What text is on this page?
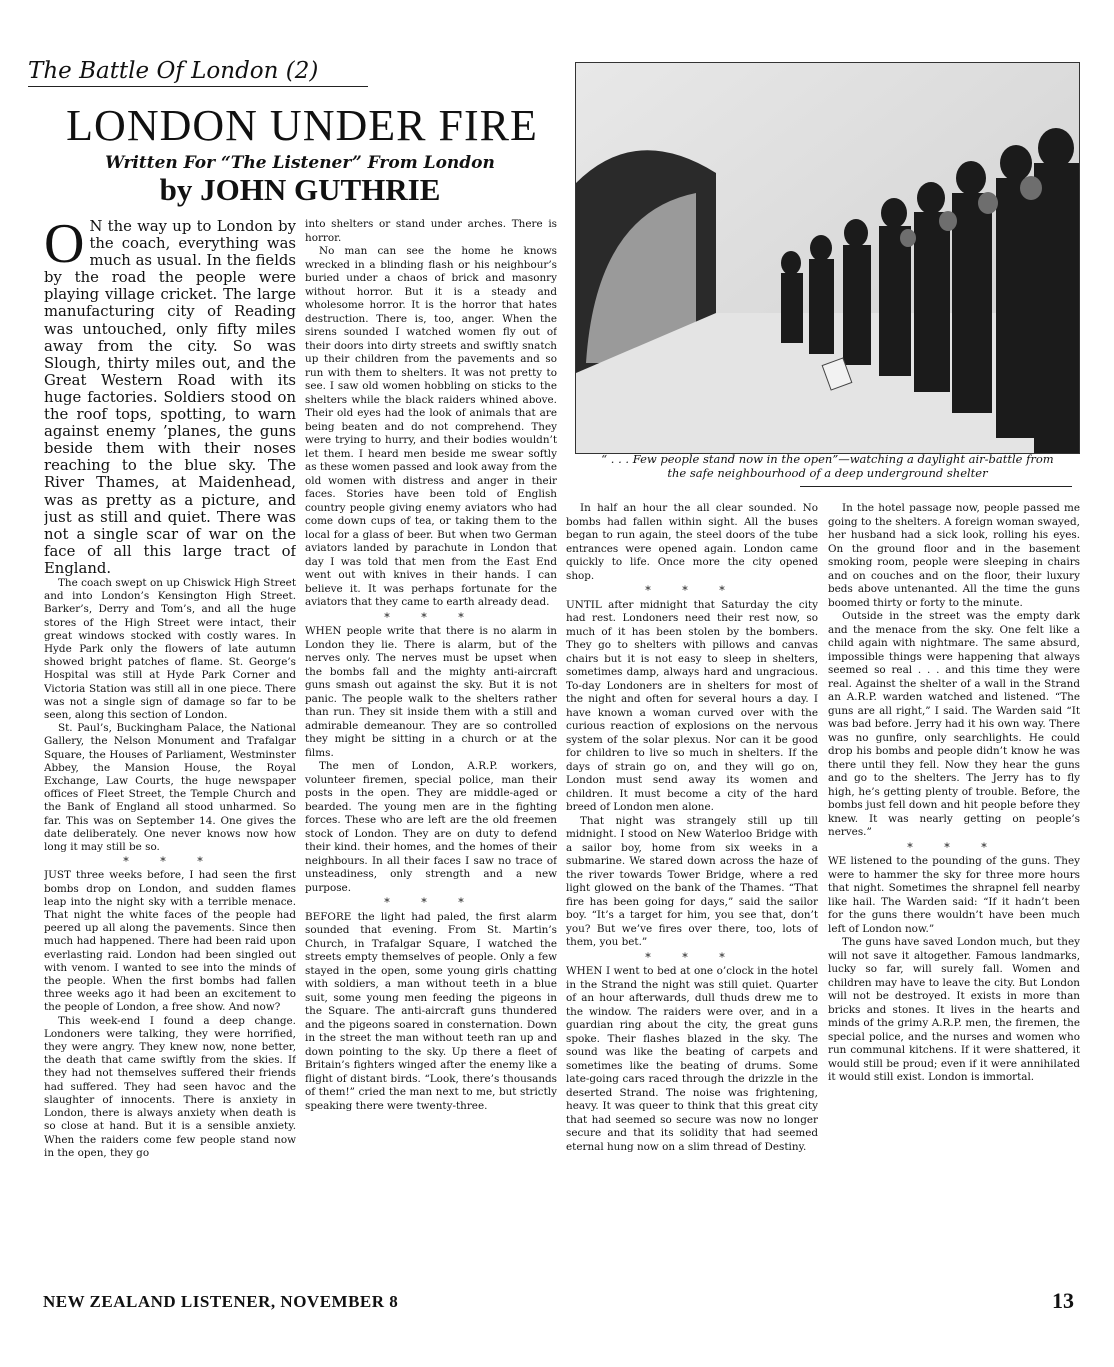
The Battle Of London (2)
LONDON UNDER FIRE
Written For “The Listener” From London
by JOHN GUTHRIE
“ . . . Few people stand now in the open”—watching a daylight air-battle from
the safe neighbourhood of a deep underground shelter

O N the way up to London by the coach, everything was much as usual. In the fields by the road the people were playing village cricket. The large manufacturing city of Reading was untouched, only fifty miles away from the city. So was Slough, thirty miles out, and the Great Western Road with its huge factories. Soldiers stood on the roof tops, spotting, to warn against enemy ’planes, the guns beside them with their noses reaching to the blue sky. The River Thames, at Maidenhead, was as pretty as a picture, and just as still and quiet. There was not a single scar of war on the face of all this large tract of England.

The coach swept on up Chiswick High Street and into London’s Kensington High Street. Barker’s, Derry and Tom’s, and all the huge stores of the High Street were intact, their great windows stocked with costly wares. In Hyde Park only the flowers of late autumn showed bright patches of flame. St. George’s Hospital was still at Hyde Park Corner and Victoria Station was still all in one piece. There was not a single sign of damage so far to be seen, along this section of London.

St. Paul’s, Buckingham Palace, the National Gallery, the Nelson Monument and Trafalgar Square, the Houses of Parliament, Westminster Abbey, the Mansion House, the Royal Exchange, Law Courts, the huge newspaper offices of Fleet Street, the Temple Church and the Bank of England all stood unharmed. So far. This was on September 14. One gives the date deliberately. One never knows now how long it may still be so.

* * *

JUST three weeks before, I had seen the first bombs drop on London, and sudden flames leap into the night sky with a terrible menace. That night the white faces of the people had peered up all along the pavements. Since then much had happened. There had been raid upon everlasting raid. London had been singled out with venom. I wanted to see into the minds of the people. When the first bombs had fallen three weeks ago it had been an excitement to the people of London, a free show. And now?

This week-end I found a deep change. Londoners were talking, they were horrified, they were angry. They knew now, none better, the death that came swiftly from the skies. If they had not themselves suffered their friends had suffered. They had seen havoc and the slaughter of innocents. There is anxiety in London, there is always anxiety when death is so close at hand. But it is a sensible anxiety. When the raiders come few people stand now in the open, they go

into shelters or stand under arches. There is horror.

No man can see the home he knows wrecked in a blinding flash or his neighbour’s buried under a chaos of brick and masonry without horror. But it is a steady and wholesome horror. It is the horror that hates destruction. There is, too, anger. When the sirens sounded I watched women fly out of their doors into dirty streets and swiftly snatch up their children from the pavements and so run with them to shelters. It was not pretty to see. I saw old women hobbling on sticks to the shelters while the black raiders whined above. Their old eyes had the look of animals that are being beaten and do not comprehend. They were trying to hurry, and their bodies wouldn’t let them. I heard men beside me swear softly as these women passed and look away from the old women with distress and anger in their faces. Stories have been told of English country people giving enemy aviators who had come down cups of tea, or taking them to the local for a glass of beer. But when two German aviators landed by parachute in London that day I was told that men from the East End went out with knives in their hands. I can believe it. It was perhaps fortunate for the aviators that they came to earth already dead.

* * *

WHEN people write that there is no alarm in London they lie. There is alarm, but of the nerves only. The nerves must be upset when the bombs fall and the mighty anti-aircraft guns smash out against the sky. But it is not panic. The people walk to the shelters rather than run. They sit inside them with a still and admirable demeanour. They are so controlled they might be sitting in a church or at the films.

The men of London, A.R.P. workers, volunteer firemen, special police, man their posts in the open. They are middle-aged or bearded. The young men are in the fighting forces. These who are left are the old freemen stock of London. They are on duty to defend their kind. their homes, and the homes of their neighbours. In all their faces I saw no trace of unsteadiness, only strength and a new purpose.

* * *

BEFORE the light had paled, the first alarm sounded that evening. From St. Martin’s Church, in Trafalgar Square, I watched the streets empty themselves of people. Only a few stayed in the open, some young girls chatting with soldiers, a man without teeth in a blue suit, some young men feeding the pigeons in the Square. The anti-aircraft guns thundered and the pigeons soared in consternation. Down in the street the man without teeth ran up and down pointing to the sky. Up there a fleet of Britain’s fighters winged after the enemy like a flight of distant birds. “Look, there’s thousands of them!” cried the man next to me, but strictly speaking there were twenty-three.

In half an hour the all clear sounded. No bombs had fallen within sight. All the buses began to run again, the steel doors of the tube entrances were opened again. London came quickly to life. Once more the city opened shop.

* * *

UNTIL after midnight that Saturday the city had rest. Londoners need their rest now, so much of it has been stolen by the bombers. They go to shelters with pillows and canvas chairs but it is not easy to sleep in shelters, sometimes damp, always hard and ungracious. To-day Londoners are in shelters for most of the night and often for several hours a day. I have known a woman curved over with the curious reaction of explosions on the nervous system of the solar plexus. Nor can it be good for children to live so much in shelters. If the days of strain go on, and they will go on, London must send away its women and children. It must become a city of the hard breed of London men alone.

That night was strangely still up till midnight. I stood on New Waterloo Bridge with a sailor boy, home from six weeks in a submarine. We stared down across the haze of the river towards Tower Bridge, where a red light glowed on the bank of the Thames. “That fire has been going for days,” said the sailor boy. “It’s a target for him, you see that, don’t you? But we’ve fires over there, too, lots of them, you bet.”

* * *

WHEN I went to bed at one o’clock in the hotel in the Strand the night was still quiet. Quarter of an hour afterwards, dull thuds drew me to the window. The raiders were over, and in a guardian ring about the city, the great guns spoke. Their flashes blazed in the sky. The sound was like the beating of carpets and sometimes like the beating of drums. Some late-going cars raced through the drizzle in the deserted Strand. The noise was frightening, heavy. It was queer to think that this great city that had seemed so secure was now no longer secure and that its solidity that had seemed eternal hung now on a slim thread of Destiny.

In the hotel passage now, people passed me going to the shelters. A foreign woman swayed, her husband had a sick look, rolling his eyes. On the ground floor and in the basement smoking room, people were sleeping in chairs and on couches and on the floor, their luxury beds above untenanted. All the time the guns boomed thirty or forty to the minute.

Outside in the street was the empty dark and the menace from the sky. One felt like a child again with nightmare. The same absurd, impossible things were happening that always seemed so real . . . and this time they were real. Against the shelter of a wall in the Strand an A.R.P. warden watched and listened. “The guns are all right,” I said. The Warden said “It was bad before. Jerry had it his own way. There was no gunfire, only searchlights. He could drop his bombs and people didn’t know he was there until they fell. Now they hear the guns and go to the shelters. The Jerry has to fly high, he’s getting plenty of trouble. Before, the bombs just fell down and hit people before they knew. It was nearly getting on people’s nerves.”

* * *

WE listened to the pounding of the guns. They were to hammer the sky for three more hours that night. Sometimes the shrapnel fell nearby like hail. The Warden said: “If it hadn’t been for the guns there wouldn’t have been much left of London now.”

The guns have saved London much, but they will not save it altogether. Famous landmarks, lucky so far, will surely fall. Women and children may have to leave the city. But London will not be destroyed. It exists in more than bricks and stones. It lives in the hearts and minds of the grimy A.R.P. men, the firemen, the special police, and the nurses and women who run communal kitchens. If it were shattered, it would still be proud; even if it were annihilated it would still exist. London is immortal.

NEW ZEALAND LISTENER, NOVEMBER 8	13
